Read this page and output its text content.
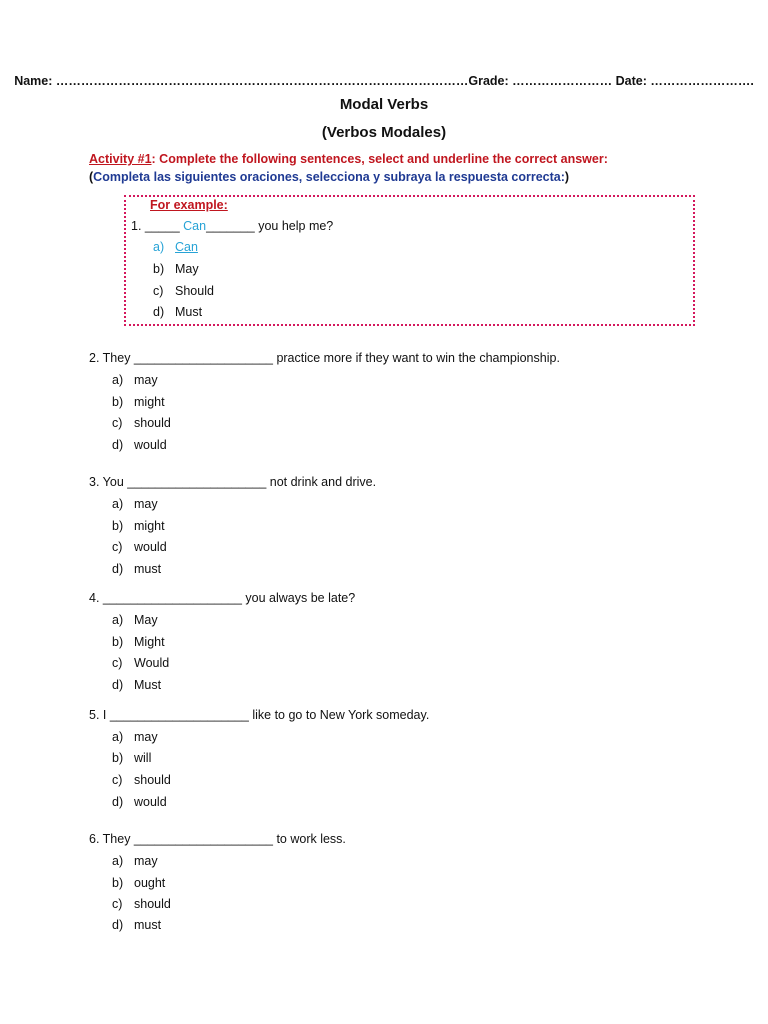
Name: ………………………………………………………………………………………Grade: …………………… Date: …………………….
Modal Verbs
(Verbos Modales)
Activity #1: Complete the following sentences, select and underline the correct answer:
(Completa las siguientes oraciones, selecciona y subraya la respuesta correcta:)
For example:
1. _____ Can_______ you help me?
a) Can
b) May
c) Should
d) Must
2. They ____________________ practice more if they want to win the championship.
a) may
b) might
c) should
d) would
3. You ____________________ not drink and drive.
a) may
b) might
c) would
d) must
4. ____________________ you always be late?
a) May
b) Might
c) Would
d) Must
5. I ____________________ like to go to New York someday.
a) may
b) will
c) should
d) would
6. They ____________________ to work less.
a) may
b) ought
c) should
d) must
